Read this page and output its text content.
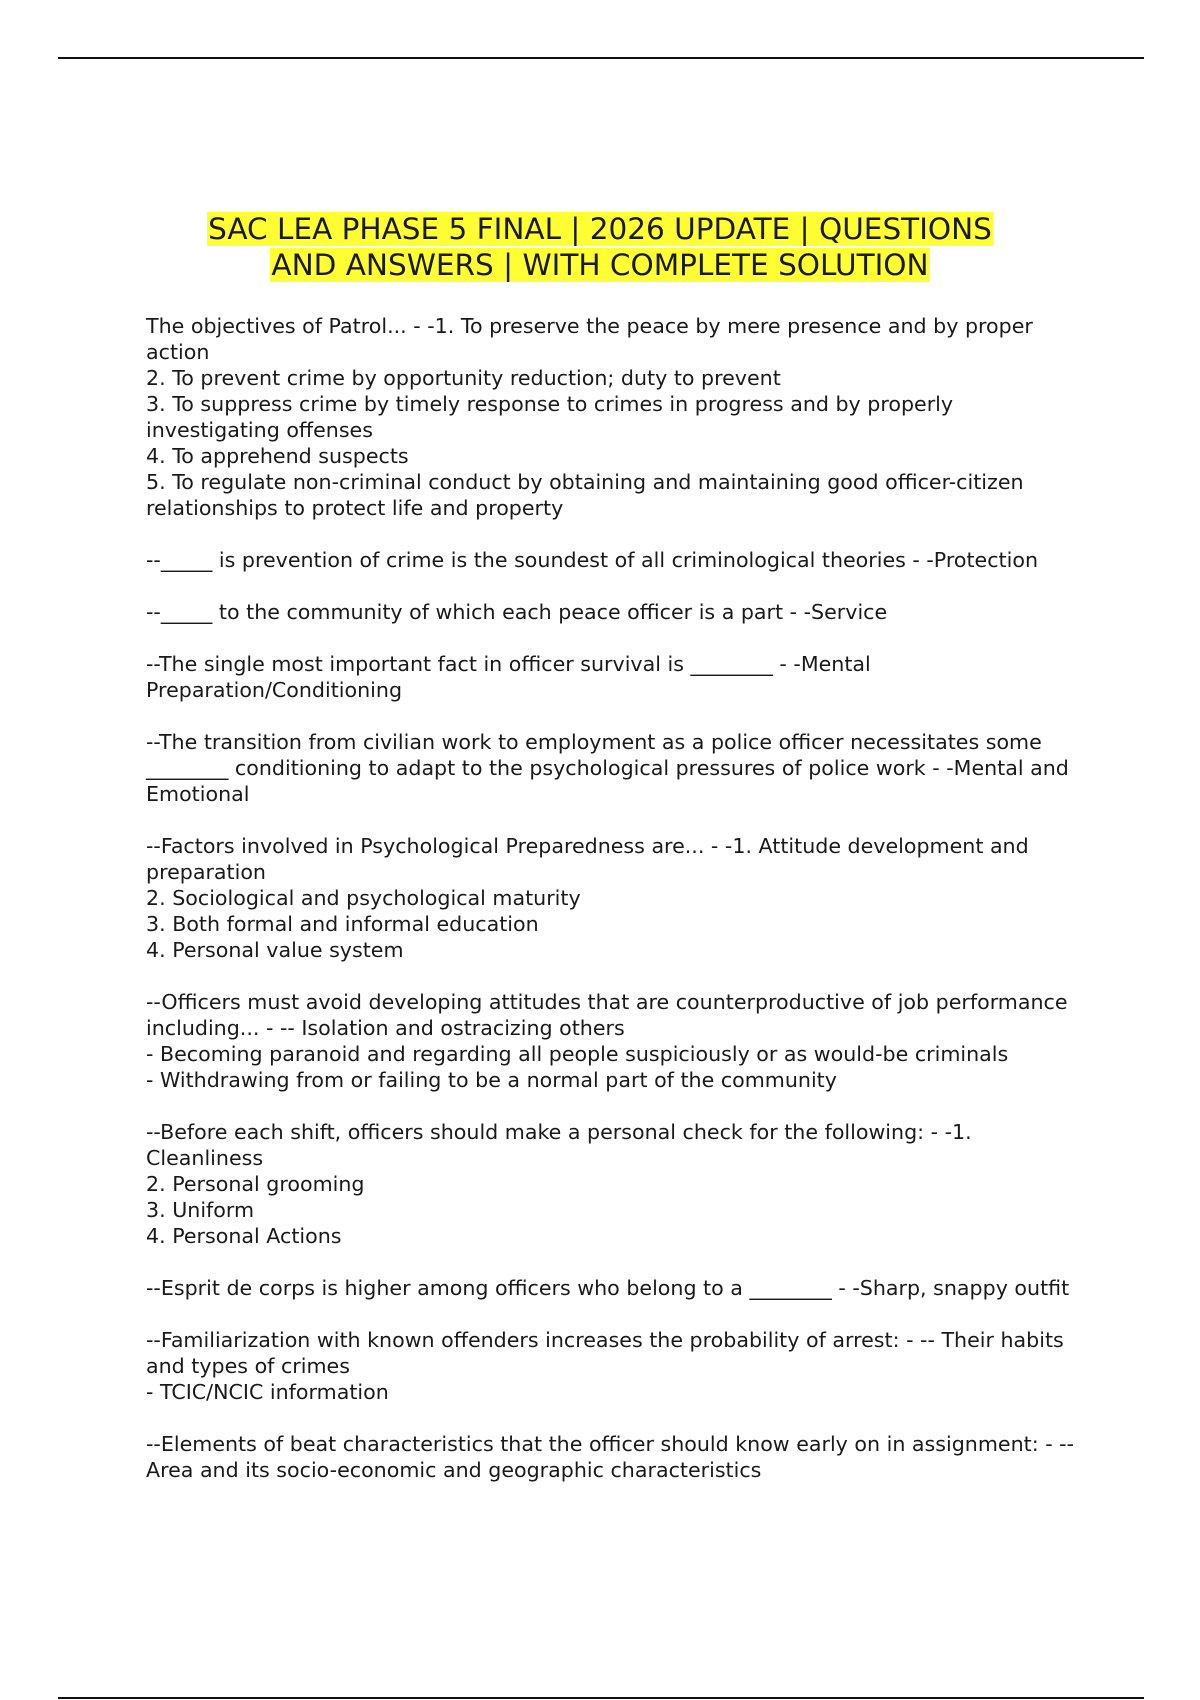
SAC LEA PHASE 5 FINAL | 2026 UPDATE | QUESTIONS
AND ANSWERS | WITH COMPLETE SOLUTION

The objectives of Patrol... - -1. To preserve the peace by mere presence and by proper action

2. To prevent crime by opportunity reduction; duty to prevent

3. To suppress crime by timely response to crimes in progress and by properly investigating offenses

4. To apprehend suspects

5. To regulate non-criminal conduct by obtaining and maintaining good officer-citizen relationships to protect life and property

--_____ is prevention of crime is the soundest of all criminological theories - -Protection

--_____ to the community of which each peace officer is a part - -Service

--The single most important fact in officer survival is ________ - -Mental Preparation/Conditioning

--The transition from civilian work to employment as a police officer necessitates some ________ conditioning to adapt to the psychological pressures of police work - -Mental and Emotional

--Factors involved in Psychological Preparedness are... - -1. Attitude development and preparation

2. Sociological and psychological maturity

3. Both formal and informal education

4. Personal value system

--Officers must avoid developing attitudes that are counterproductive of job performance including... - -- Isolation and ostracizing others

- Becoming paranoid and regarding all people suspiciously or as would-be criminals

- Withdrawing from or failing to be a normal part of the community

--Before each shift, officers should make a personal check for the following: - -1. Cleanliness

2. Personal grooming

3. Uniform

4. Personal Actions

--Esprit de corps is higher among officers who belong to a ________ - -Sharp, snappy outfit

--Familiarization with known offenders increases the probability of arrest: - -- Their habits and types of crimes

- TCIC/NCIC information

--Elements of beat characteristics that the officer should know early on in assignment: - -- Area and its socio-economic and geographic characteristics
